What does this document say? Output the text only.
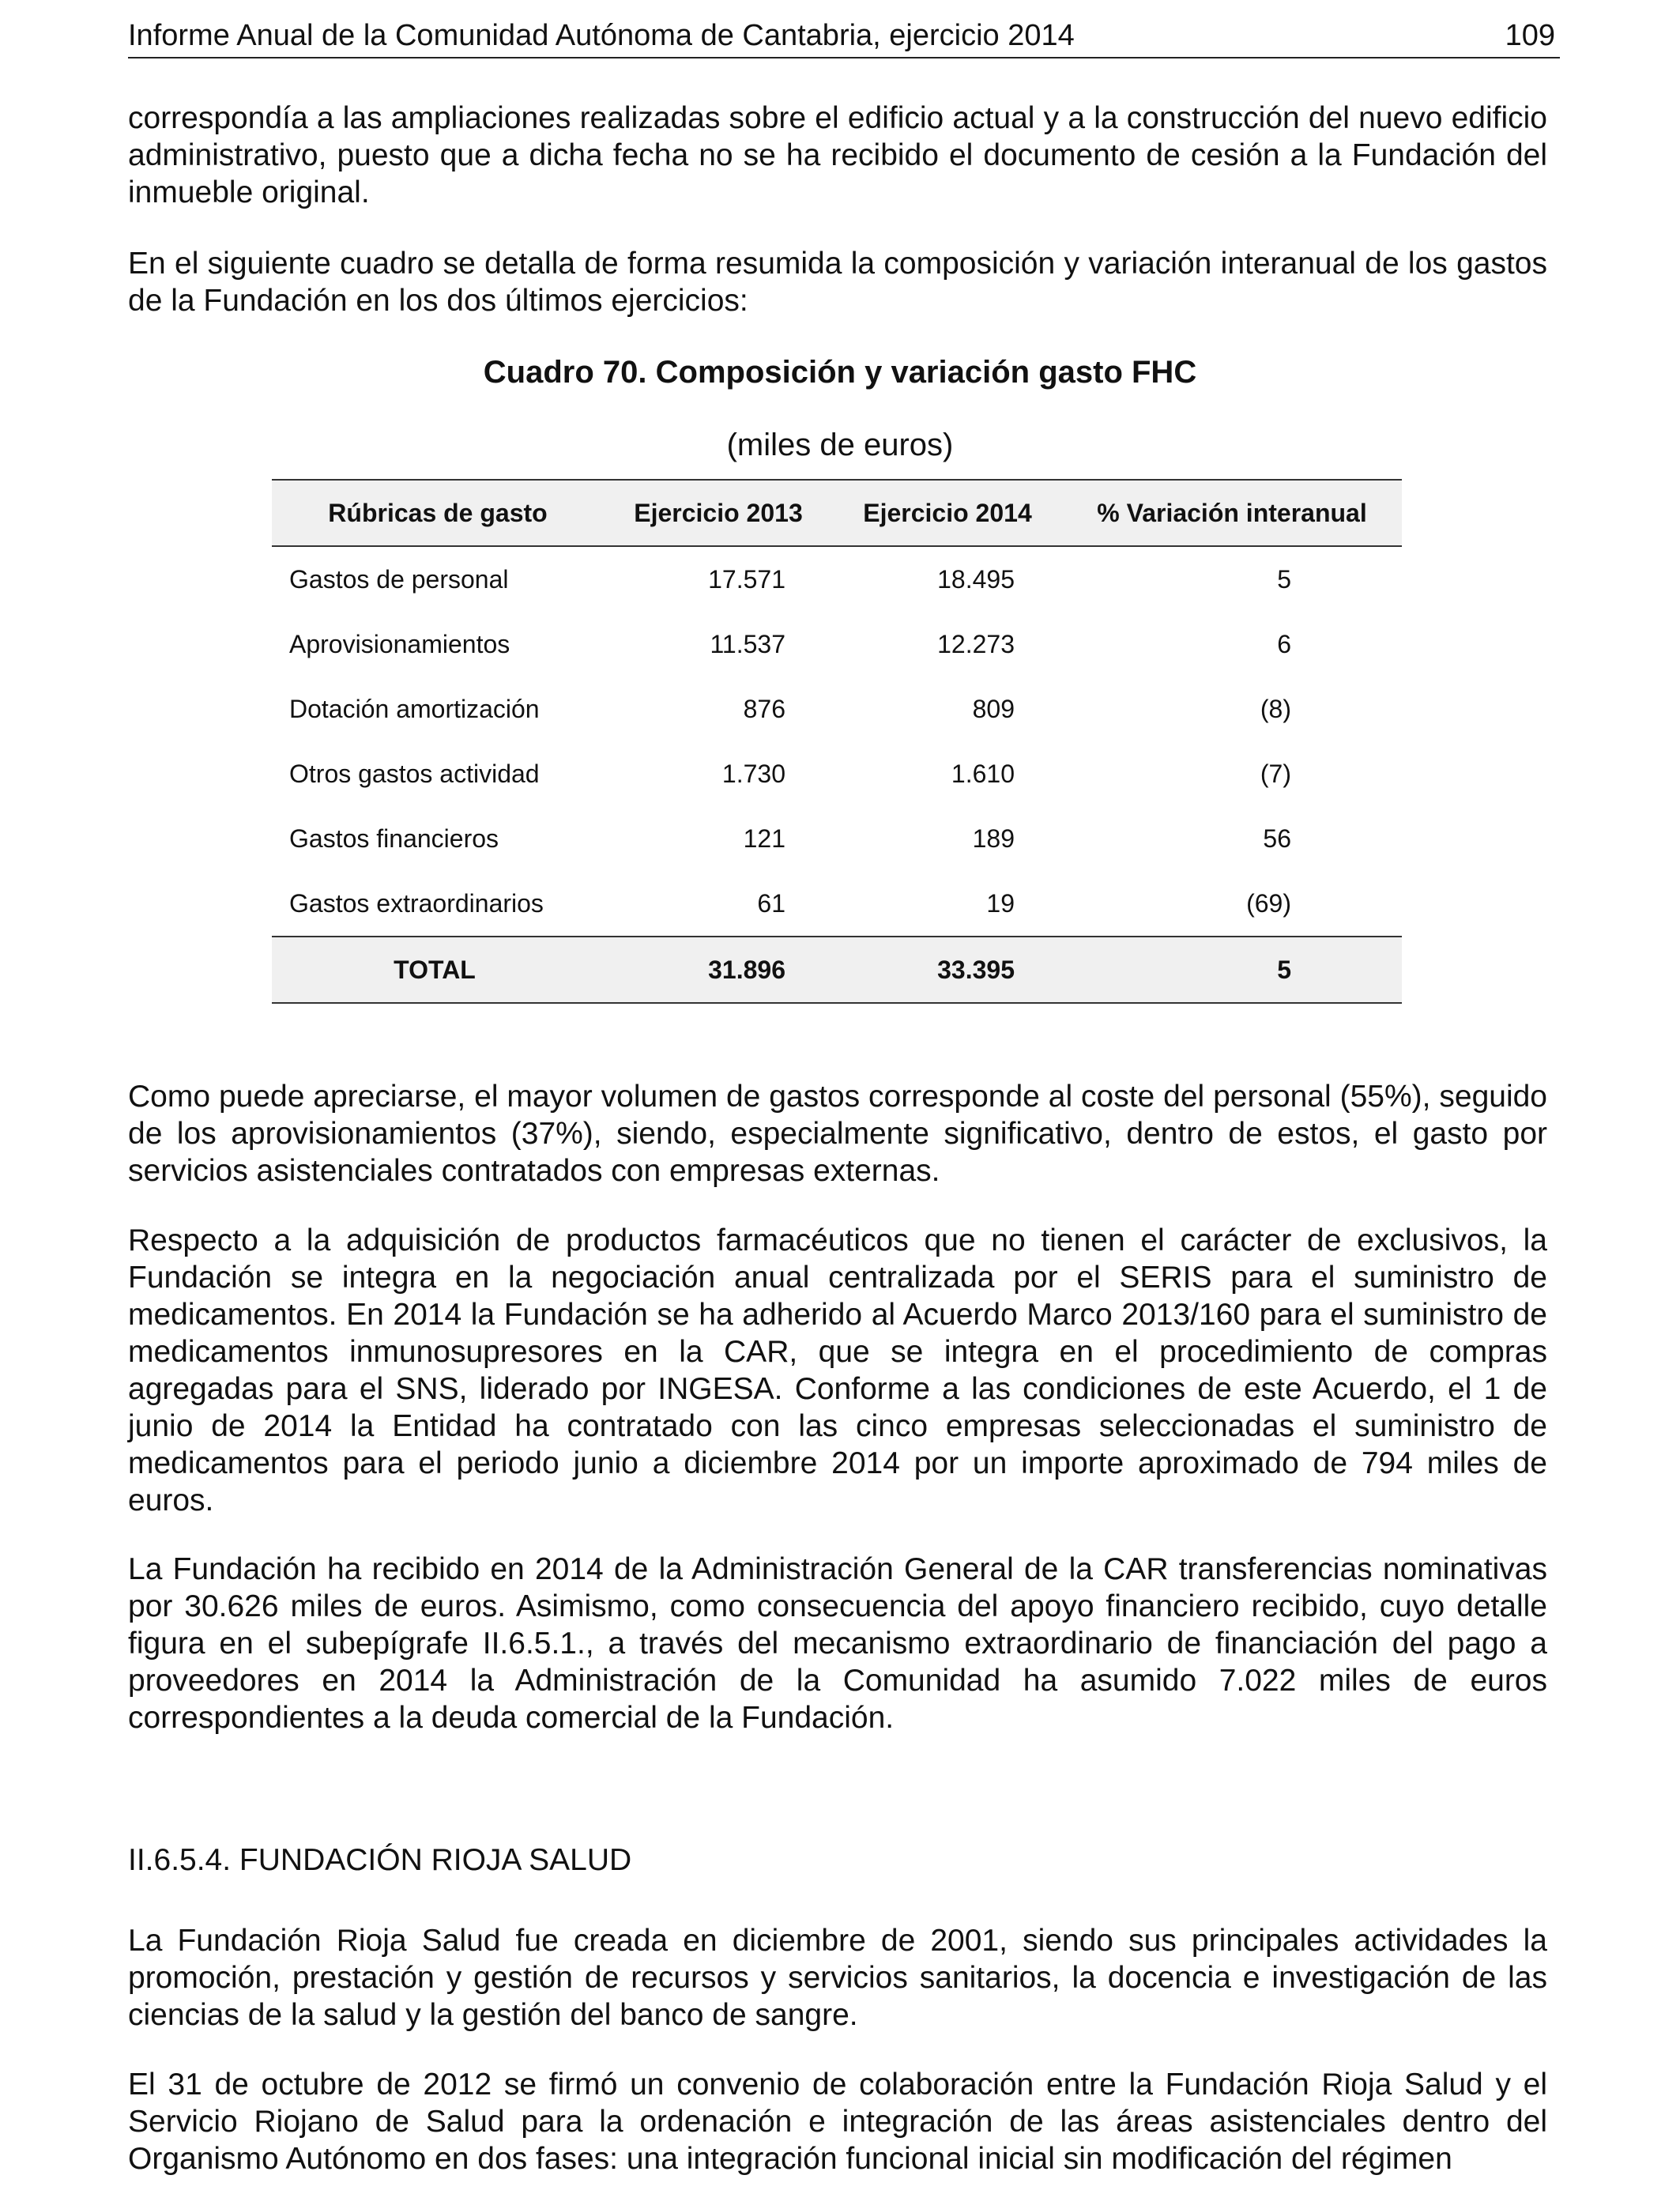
Informe Anual de la Comunidad Autónoma de Cantabria, ejercicio 2014	109

correspondía a las ampliaciones realizadas sobre el edificio actual y a la construcción del nuevo edificio administrativo, puesto que a dicha fecha no se ha recibido el documento de cesión a la Fundación del inmueble original.

En el siguiente cuadro se detalla de forma resumida la composición y variación interanual de los gastos de la Fundación en los dos últimos ejercicios:

Cuadro 70. Composición y variación gasto FHC
(miles de euros)
Rúbricas de gasto	Ejercicio 2013	Ejercicio 2014	% Variación interanual
Gastos de personal	17.571	18.495	5
Aprovisionamientos	11.537	12.273	6
Dotación amortización	876	809	(8)
Otros gastos actividad	1.730	1.610	(7)
Gastos financieros	121	189	56
Gastos extraordinarios	61	19	(69)
TOTAL	31.896	33.395	5

Como puede apreciarse, el mayor volumen de gastos corresponde al coste del personal (55%), seguido de los aprovisionamientos (37%), siendo, especialmente significativo, dentro de estos, el gasto por servicios asistenciales contratados con empresas externas.

Respecto a la adquisición de productos farmacéuticos que no tienen el carácter de exclusivos, la Fundación se integra en la negociación anual centralizada por el SERIS para el suministro de medicamentos. En 2014 la Fundación se ha adherido al Acuerdo Marco 2013/160 para el suministro de medicamentos inmunosupresores en la CAR, que se integra en el procedimiento de compras agregadas para el SNS, liderado por INGESA. Conforme a las condiciones de este Acuerdo, el 1 de junio de 2014 la Entidad ha contratado con las cinco empresas seleccionadas el suministro de medicamentos para el periodo junio a diciembre 2014 por un importe aproximado de 794 miles de euros.

La Fundación ha recibido en 2014 de la Administración General de la CAR transferencias nominativas por 30.626 miles de euros. Asimismo, como consecuencia del apoyo financiero recibido, cuyo detalle figura en el subepígrafe II.6.5.1., a través del mecanismo extraordinario de financiación del pago a proveedores en 2014 la Administración de la Comunidad ha asumido 7.022 miles de euros correspondientes a la deuda comercial de la Fundación.

II.6.5.4. FUNDACIÓN RIOJA SALUD

La Fundación Rioja Salud fue creada en diciembre de 2001, siendo sus principales actividades la promoción, prestación y gestión de recursos y servicios sanitarios, la docencia e investigación de las ciencias de la salud y la gestión del banco de sangre.

El 31 de octubre de 2012 se firmó un convenio de colaboración entre la Fundación Rioja Salud y el Servicio Riojano de Salud para la ordenación e integración de las áreas asistenciales dentro del Organismo Autónomo en dos fases: una integración funcional inicial sin modificación del régimen
